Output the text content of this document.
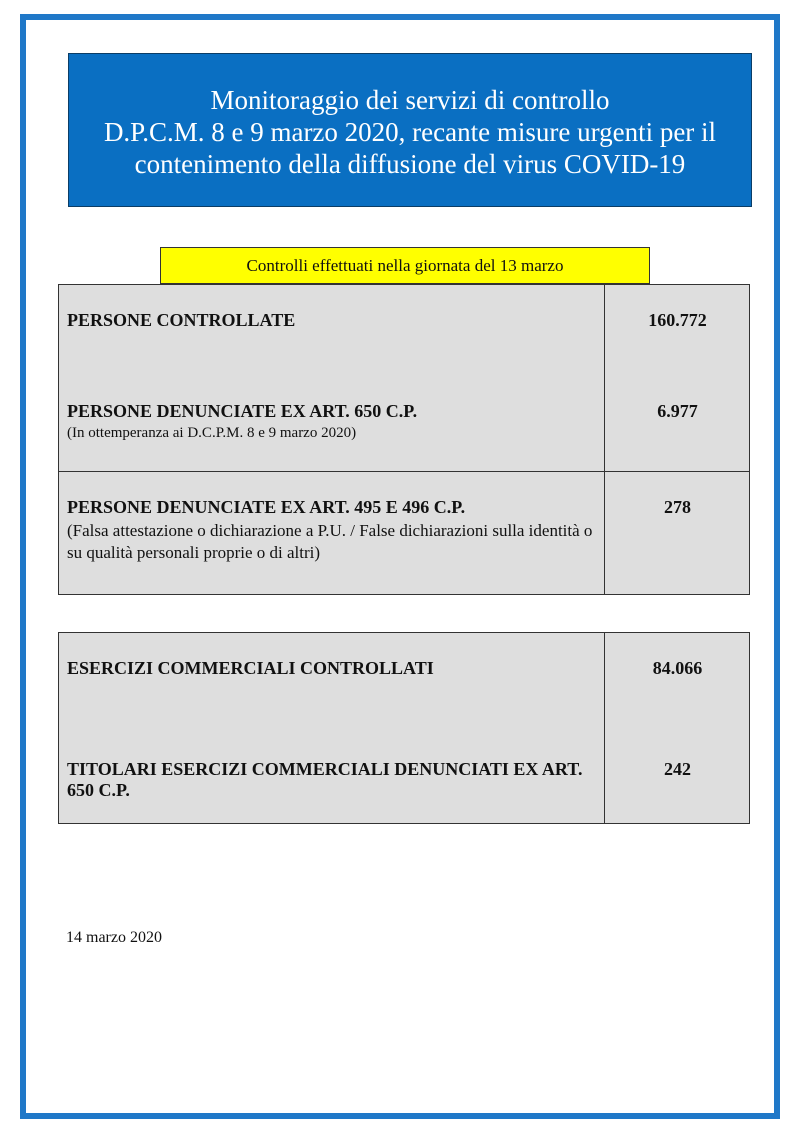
Monitoraggio dei servizi di controllo
D.P.C.M. 8 e 9 marzo 2020, recante misure urgenti per il
contenimento della diffusione del virus COVID-19
Controlli effettuati nella giornata del 13 marzo
PERSONE CONTROLLATE	160.772
PERSONE DENUNCIATE EX ART. 650 C.P.
(In ottemperanza ai D.C.P.M. 8 e 9 marzo 2020)
6.977
PERSONE DENUNCIATE EX ART. 495 E 496 C.P.
(Falsa attestazione o dichiarazione a P.U. / False dichiarazioni sulla identità o su qualità personali proprie o di altri)
278
ESERCIZI COMMERCIALI CONTROLLATI	84.066
TITOLARI ESERCIZI COMMERCIALI DENUNCIATI EX ART. 650 C.P.
242
14 marzo 2020
